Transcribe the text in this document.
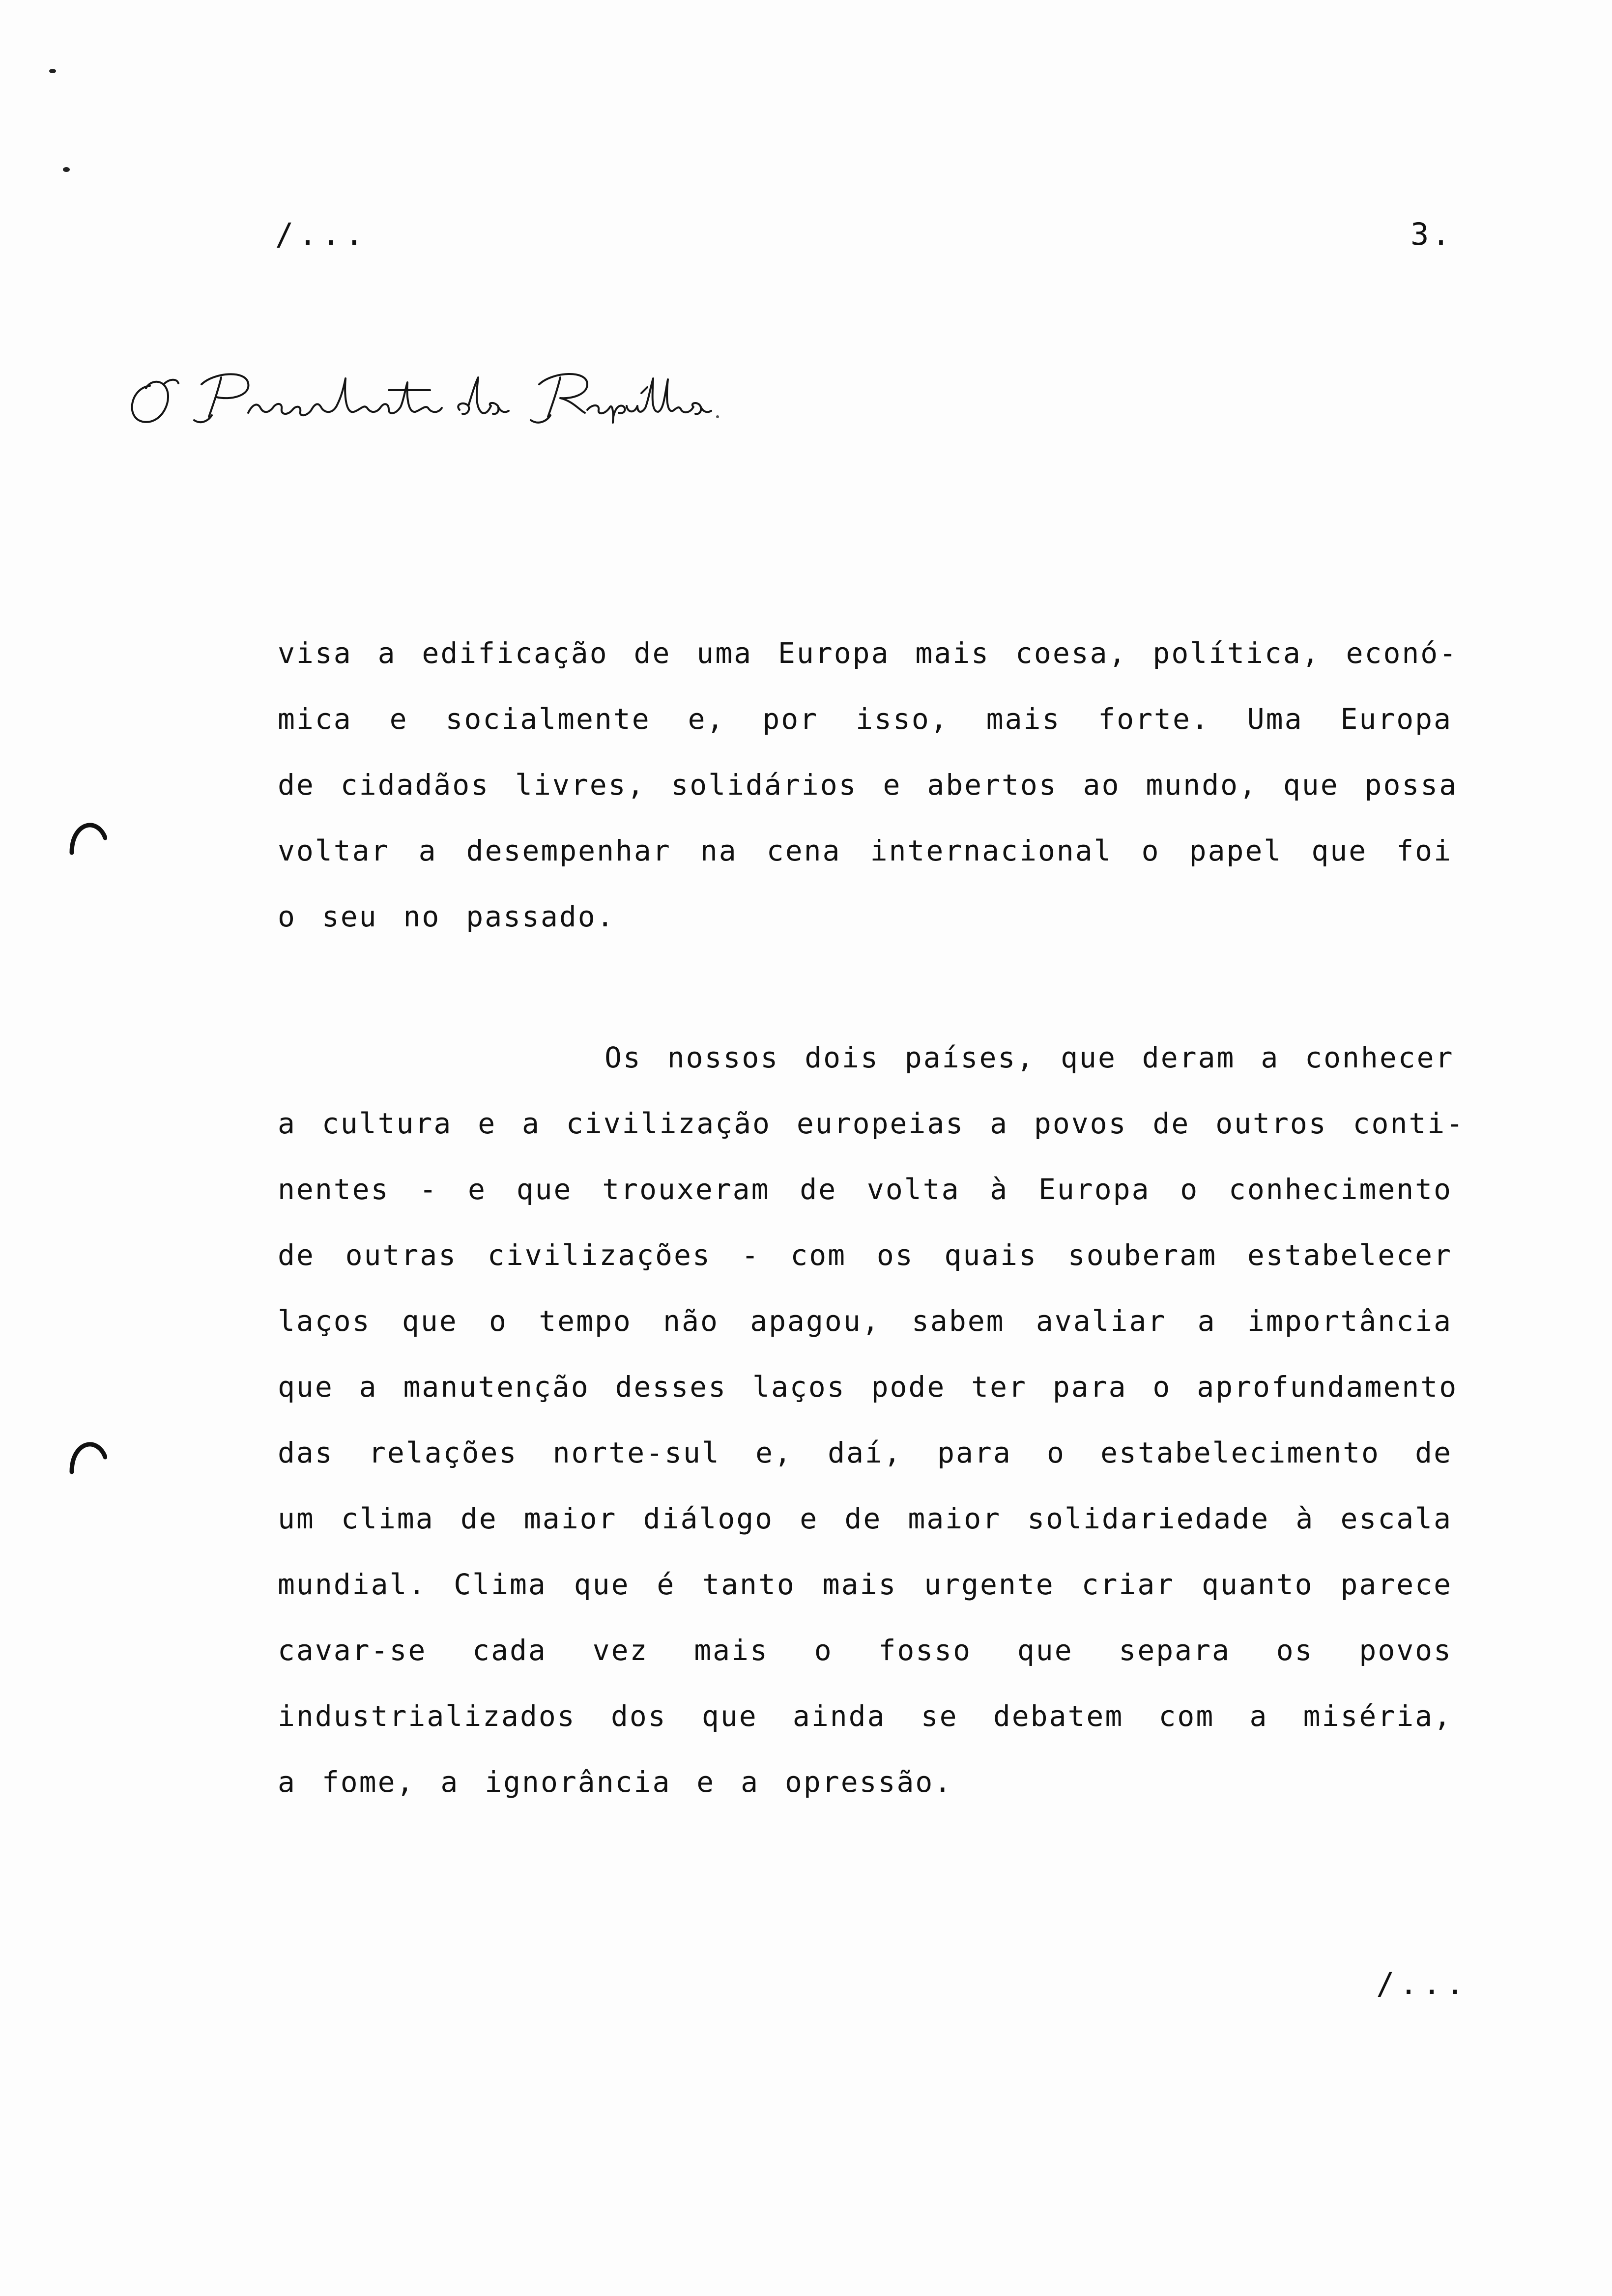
/...	3.
visa a edificação de uma Europa mais coesa, política, econó-
mica e socialmente e, por isso, mais forte. Uma Europa
de cidadãos livres, solidários e abertos ao mundo, que possa
voltar a desempenhar na cena internacional o papel que foi
o seu no passado.
Os nossos dois países, que deram a conhecer
a cultura e a civilização europeias a povos de outros conti-
nentes - e que trouxeram de volta à Europa o conhecimento
de outras civilizações - com os quais souberam estabelecer
laços que o tempo não apagou, sabem avaliar a importância
que a manutenção desses laços pode ter para o aprofundamento
das relações norte-sul e, daí, para o estabelecimento de
um clima de maior diálogo e de maior solidariedade à escala
mundial. Clima que é tanto mais urgente criar quanto parece
cavar-se cada vez mais o fosso que separa os povos
industrializados dos que ainda se debatem com a miséria,
a fome, a ignorância e a opressão.
/...
